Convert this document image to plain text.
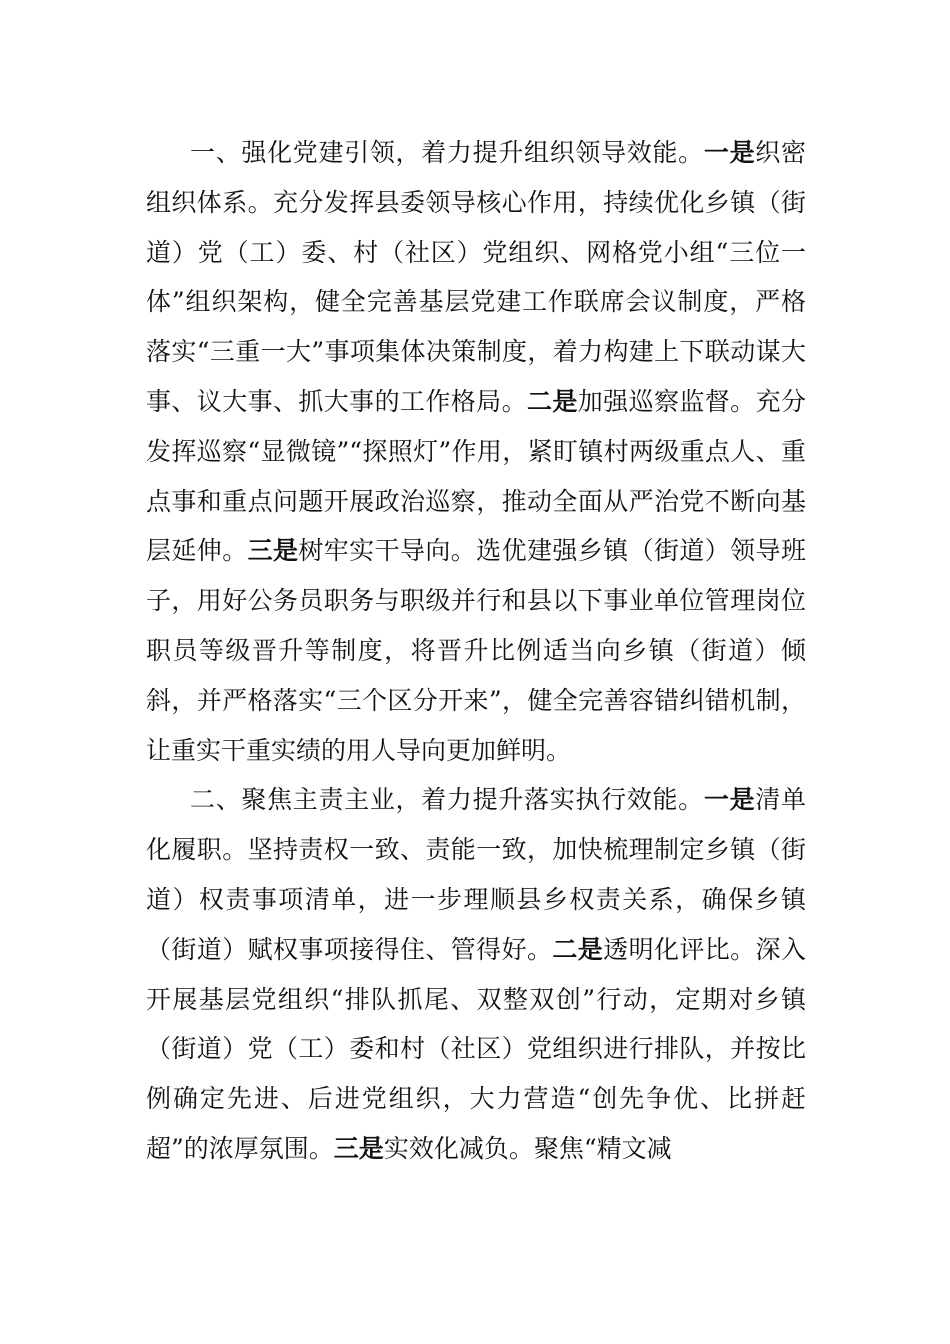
一、强化党建引领，着力提升组织领导效能。一是织密组织体系。充分发挥县委领导核心作用，持续优化乡镇（街道）党（工）委、村（社区）党组织、网格党小组“三位一体”组织架构，健全完善基层党建工作联席会议制度，严格落实“三重一大”事项集体决策制度，着力构建上下联动谋大事、议大事、抓大事的工作格局。二是加强巡察监督。充分发挥巡察“显微镜”“探照灯”作用，紧盯镇村两级重点人、重点事和重点问题开展政治巡察，推动全面从严治党不断向基层延伸。三是树牢实干导向。选优建强乡镇（街道）领导班子，用好公务员职务与职级并行和县以下事业单位管理岗位职员等级晋升等制度，将晋升比例适当向乡镇（街道）倾斜，并严格落实“三个区分开来”，健全完善容错纠错机制，让重实干重实绩的用人导向更加鲜明。

二、聚焦主责主业，着力提升落实执行效能。一是清单化履职。坚持责权一致、责能一致，加快梳理制定乡镇（街道）权责事项清单，进一步理顺县乡权责关系，确保乡镇（街道）赋权事项接得住、管得好。二是透明化评比。深入开展基层党组织“排队抓尾、双整双创”行动，定期对乡镇（街道）党（工）委和村（社区）党组织进行排队，并按比例确定先进、后进党组织，大力营造“创先争优、比拼赶超”的浓厚氛围。三是实效化减负。聚焦“精文减
